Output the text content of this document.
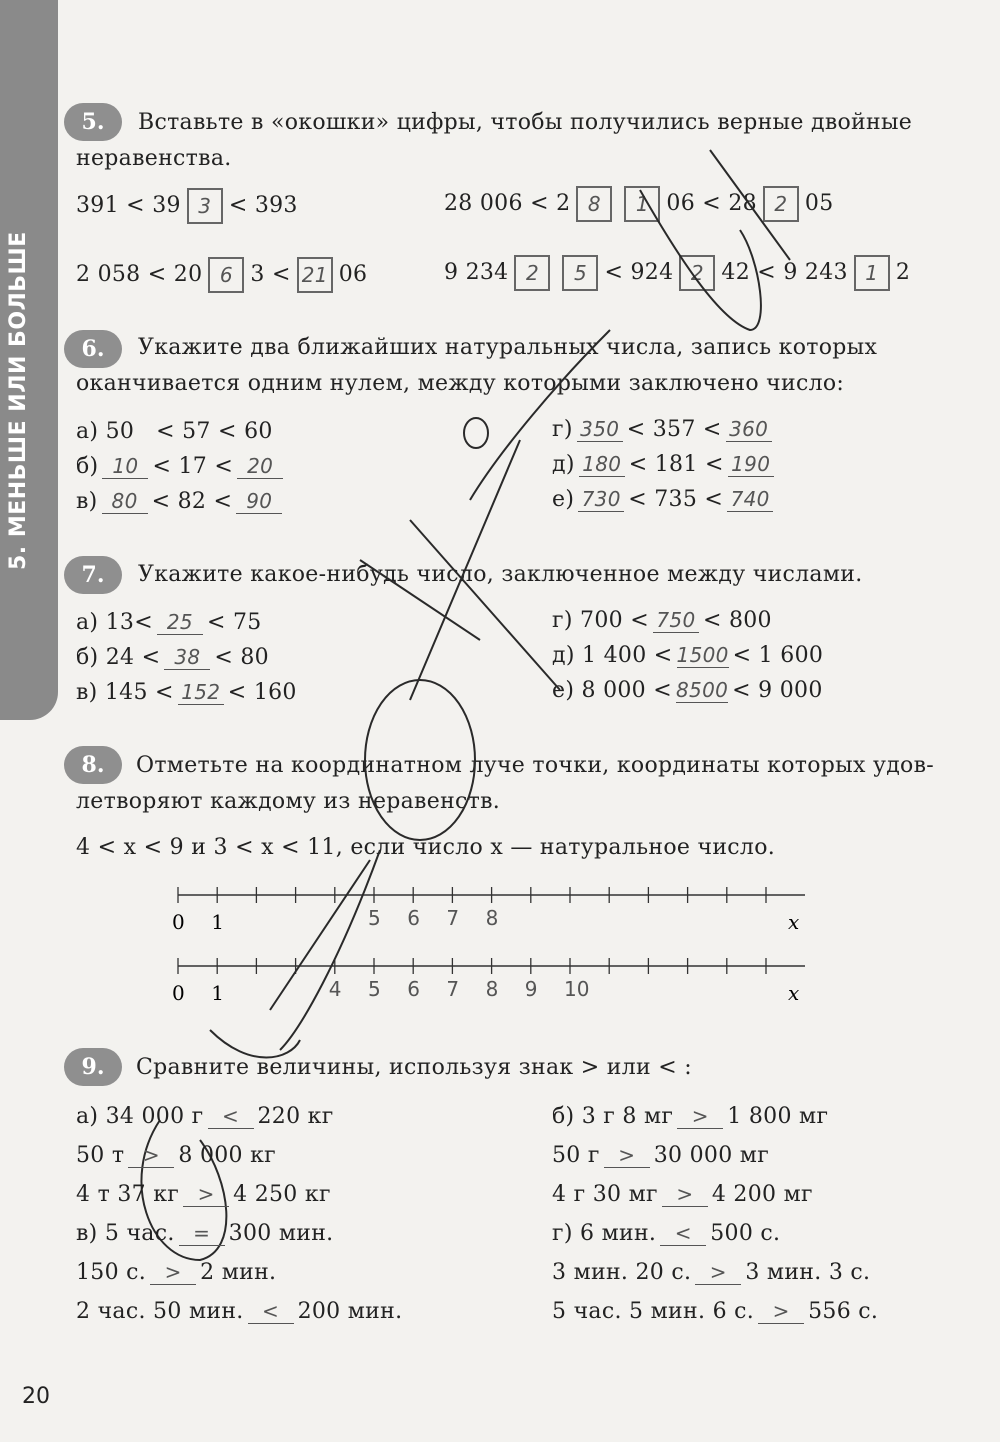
5. МЕНЬШЕ ИЛИ БОЛЬШЕ
5.	Вставьте в «окошки» цифры, чтобы получились верные двойные
неравенства.
391 < 39 3 < 393	28 006 < 2 8 1 06 < 28 2 05
2 058 < 20 6 3 < 21 06	9 234 2 5 < 924 2 42 < 9 243 1 2
6.	Укажите два ближайших натуральных числа, запись которых
оканчивается одним нулем, между которыми заключено число:
а) 50 < 57 < 60
б) 10 < 17 < 20
в) 80 < 82 < 90
г) 350 < 357 < 360
д) 180 < 181 < 190
е) 730 < 735 < 740
7.	Укажите какое-нибудь число, заключенное между числами.
а) 13< 25 < 75
б) 24 < 38 < 80
в) 145 < 152 < 160
г) 700 < 750 < 800
д) 1 400 < 1500 < 1 600
е) 8 000 < 8500 < 9 000
8.	Отметьте на координатном луче точки, координаты которых удов-
летворяют каждому из неравенств.
4 < x < 9 и 3 < x < 11, если число x — натуральное число.
0 1	x
5 6 7 8
0 1	x
4 5 6 7 8 9 10
9.	Сравните величины, используя знак > или < :
20
а) 34 000 г < 220 кг
50 т > 8 000 кг
4 т 37 кг > 4 250 кг
в) 5 час. = 300 мин.
150 с. > 2 мин.
2 час. 50 мин. < 200 мин.
б) 3 г 8 мг > 1 800 мг
50 г > 30 000 мг
4 г 30 мг > 4 200 мг
г) 6 мин. < 500 с.
3 мин. 20 с. > 3 мин. 3 с.
5 час. 5 мин. 6 с. > 556 с.
